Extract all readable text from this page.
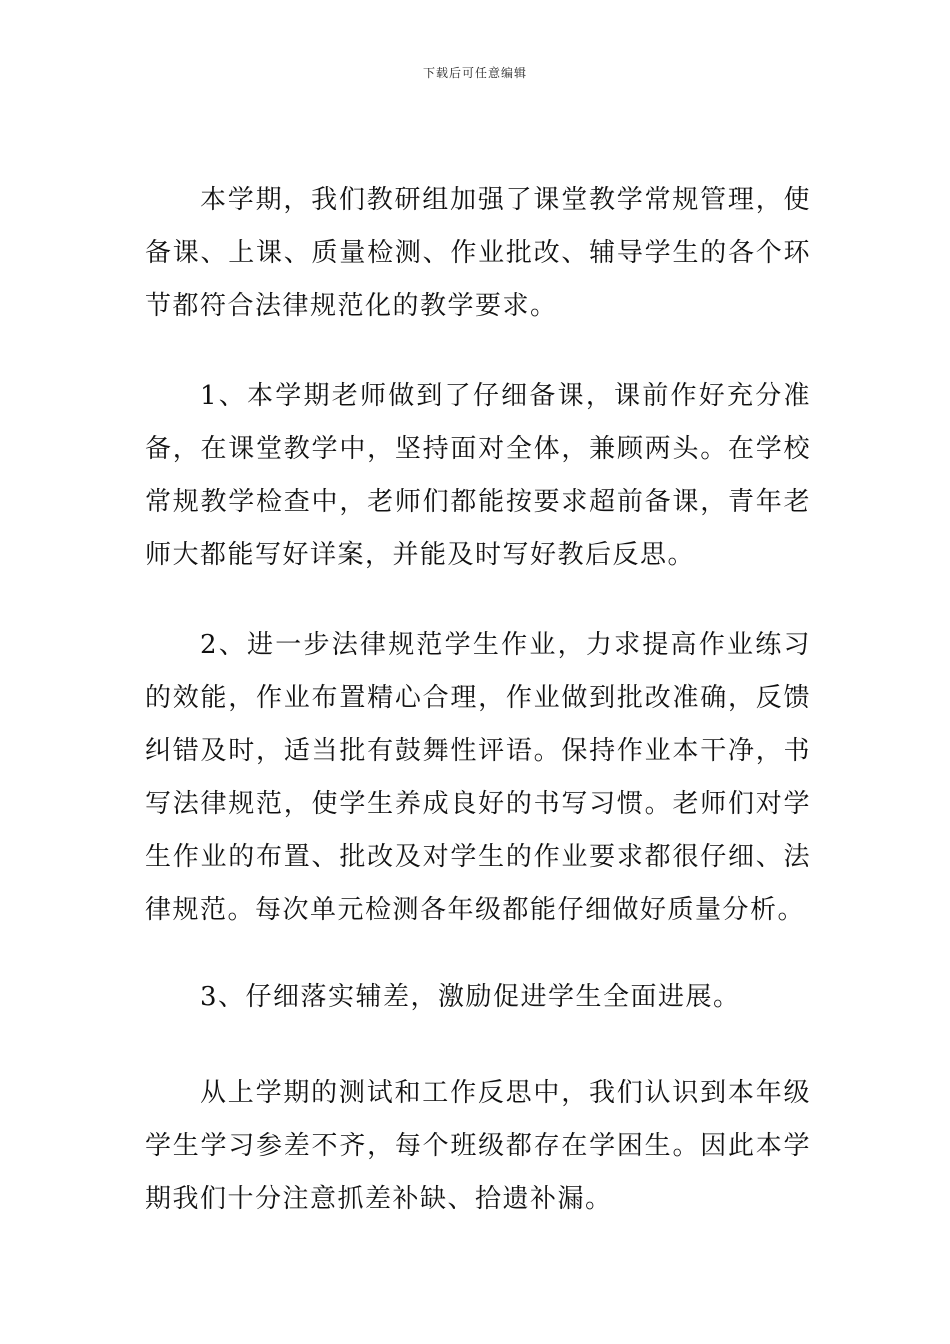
下载后可任意编辑

本学期，我们教研组加强了课堂教学常规管理，使备课、上课、质量检测、作业批改、辅导学生的各个环节都符合法律规范化的教学要求。

1、本学期老师做到了仔细备课，课前作好充分准备，在课堂教学中，坚持面对全体，兼顾两头。在学校常规教学检查中，老师们都能按要求超前备课，青年老师大都能写好详案，并能及时写好教后反思。

2、进一步法律规范学生作业，力求提高作业练习的效能，作业布置精心合理，作业做到批改准确，反馈纠错及时，适当批有鼓舞性评语。保持作业本干净，书写法律规范，使学生养成良好的书写习惯。老师们对学生作业的布置、批改及对学生的作业要求都很仔细、法律规范。每次单元检测各年级都能仔细做好质量分析。

3、仔细落实辅差，激励促进学生全面进展。

从上学期的测试和工作反思中，我们认识到本年级学生学习参差不齐，每个班级都存在学困生。因此本学期我们十分注意抓差补缺、拾遗补漏。
